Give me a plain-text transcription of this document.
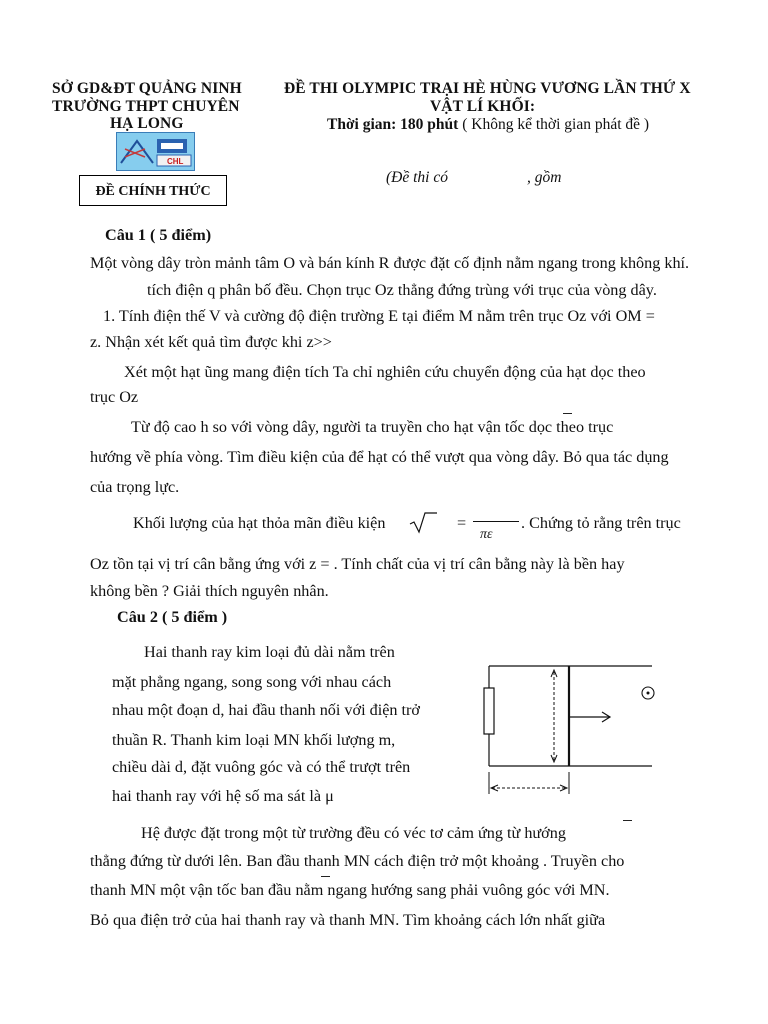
SỞ GD&ĐT QUẢNG NINH
TRƯỜNG THPT CHUYÊN
HẠ LONG
CHL
ĐỀ CHÍNH THỨC
ĐỀ THI OLYMPIC TRẠI HÈ HÙNG VƯƠNG LẦN THỨ X
VẬT LÍ KHỐI:
Thời gian: 180 phút ( Không kể thời gian phát đề )
(Đề thi có	, gồm
Câu 1 ( 5 điểm)
Một vòng dây tròn mảnh tâm O và bán kính R được đặt cố định nằm ngang trong không khí.
tích điện q phân bố đều. Chọn trục Oz thẳng đứng trùng với trục của vòng dây.
1. Tính điện thế V và cường độ điện trường E tại điểm M nằm trên trục Oz với OM =
z. Nhận xét kết quả tìm được khi z>>
Xét một hạt ũng mang điện tích Ta chỉ nghiên cứu chuyển động của hạt dọc theo
trục Oz
Từ độ cao h so với vòng dây, người ta truyền cho hạt vận tốc dọc theo trục
hướng về phía vòng. Tìm điều kiện của để hạt có thể vượt qua vòng dây. Bỏ qua tác dụng
của trọng lực.
Khối lượng của hạt thỏa mãn điều kiện	=
πε
. Chứng tỏ rằng trên trục
Oz tồn tại vị trí cân bằng ứng với z = . Tính chất của vị trí cân bằng này là bền hay
không bền ? Giải thích nguyên nhân.
Câu 2 ( 5 điểm )
Hai thanh ray kim loại đủ dài nằm trên
mặt phẳng ngang, song song với nhau cách
nhau một đoạn d, hai đầu thanh nối với điện trở
thuần R. Thanh kim loại MN khối lượng m,
chiều dài d, đặt vuông góc và có thể trượt trên
hai thanh ray với hệ số ma sát là μ
Hệ được đặt trong một từ trường đều có véc tơ cảm ứng từ hướng
thẳng đứng từ dưới lên. Ban đầu thanh MN cách điện trở một khoảng . Truyền cho
thanh MN một vận tốc ban đầu nằm ngang hướng sang phải vuông góc với MN.
Bỏ qua điện trở của hai thanh ray và thanh MN. Tìm khoảng cách lớn nhất giữa
